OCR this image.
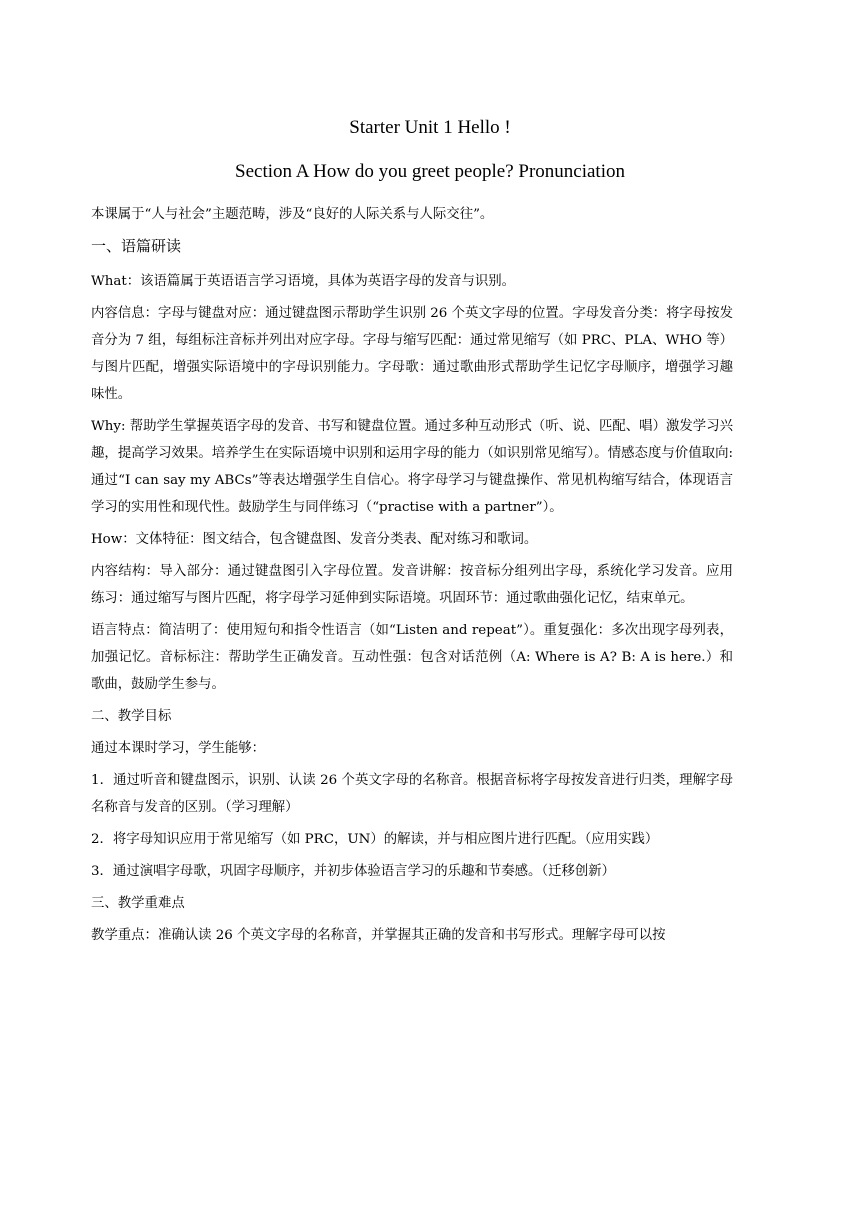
Starter Unit 1 Hello !
Section A How do you greet people? Pronunciation

本课属于“人与社会”主题范畴，涉及“良好的人际关系与人际交往”。

一、语篇研读

What：该语篇属于英语语言学习语境，具体为英语字母的发音与识别。

内容信息：字母与键盘对应：通过键盘图示帮助学生识别 26 个英文字母的位置。字母发音分类：将字母按发音分为 7 组，每组标注音标并列出对应字母。字母与缩写匹配：通过常见缩写（如 PRC、PLA、WHO 等）与图片匹配，增强实际语境中的字母识别能力。字母歌：通过歌曲形式帮助学生记忆字母顺序，增强学习趣味性。

Why: 帮助学生掌握英语字母的发音、书写和键盘位置。通过多种互动形式（听、说、匹配、唱）激发学习兴趣，提高学习效果。培养学生在实际语境中识别和运用字母的能力（如识别常见缩写）。情感态度与价值取向: 通过“I can say my ABCs”等表达增强学生自信心。将字母学习与键盘操作、常见机构缩写结合，体现语言学习的实用性和现代性。鼓励学生与同伴练习（“practise with a partner”）。

How：文体特征：图文结合，包含键盘图、发音分类表、配对练习和歌词。

内容结构：导入部分：通过键盘图引入字母位置。发音讲解：按音标分组列出字母，系统化学习发音。应用练习：通过缩写与图片匹配，将字母学习延伸到实际语境。巩固环节：通过歌曲强化记忆，结束单元。

语言特点：简洁明了：使用短句和指令性语言（如“Listen and repeat”）。重复强化：多次出现字母列表，加强记忆。音标标注：帮助学生正确发音。互动性强：包含对话范例（A: Where is A? B: A is here.）和歌曲，鼓励学生参与。

二、教学目标

通过本课时学习，学生能够：

1．通过听音和键盘图示，识别、认读 26 个英文字母的名称音。根据音标将字母按发音进行归类，理解字母名称音与发音的区别。（学习理解）

2．将字母知识应用于常见缩写（如 PRC，UN）的解读，并与相应图片进行匹配。（应用实践）

3．通过演唱字母歌，巩固字母顺序，并初步体验语言学习的乐趣和节奏感。（迁移创新）

三、教学重难点

教学重点：准确认读 26 个英文字母的名称音，并掌握其正确的发音和书写形式。理解字母可以按
